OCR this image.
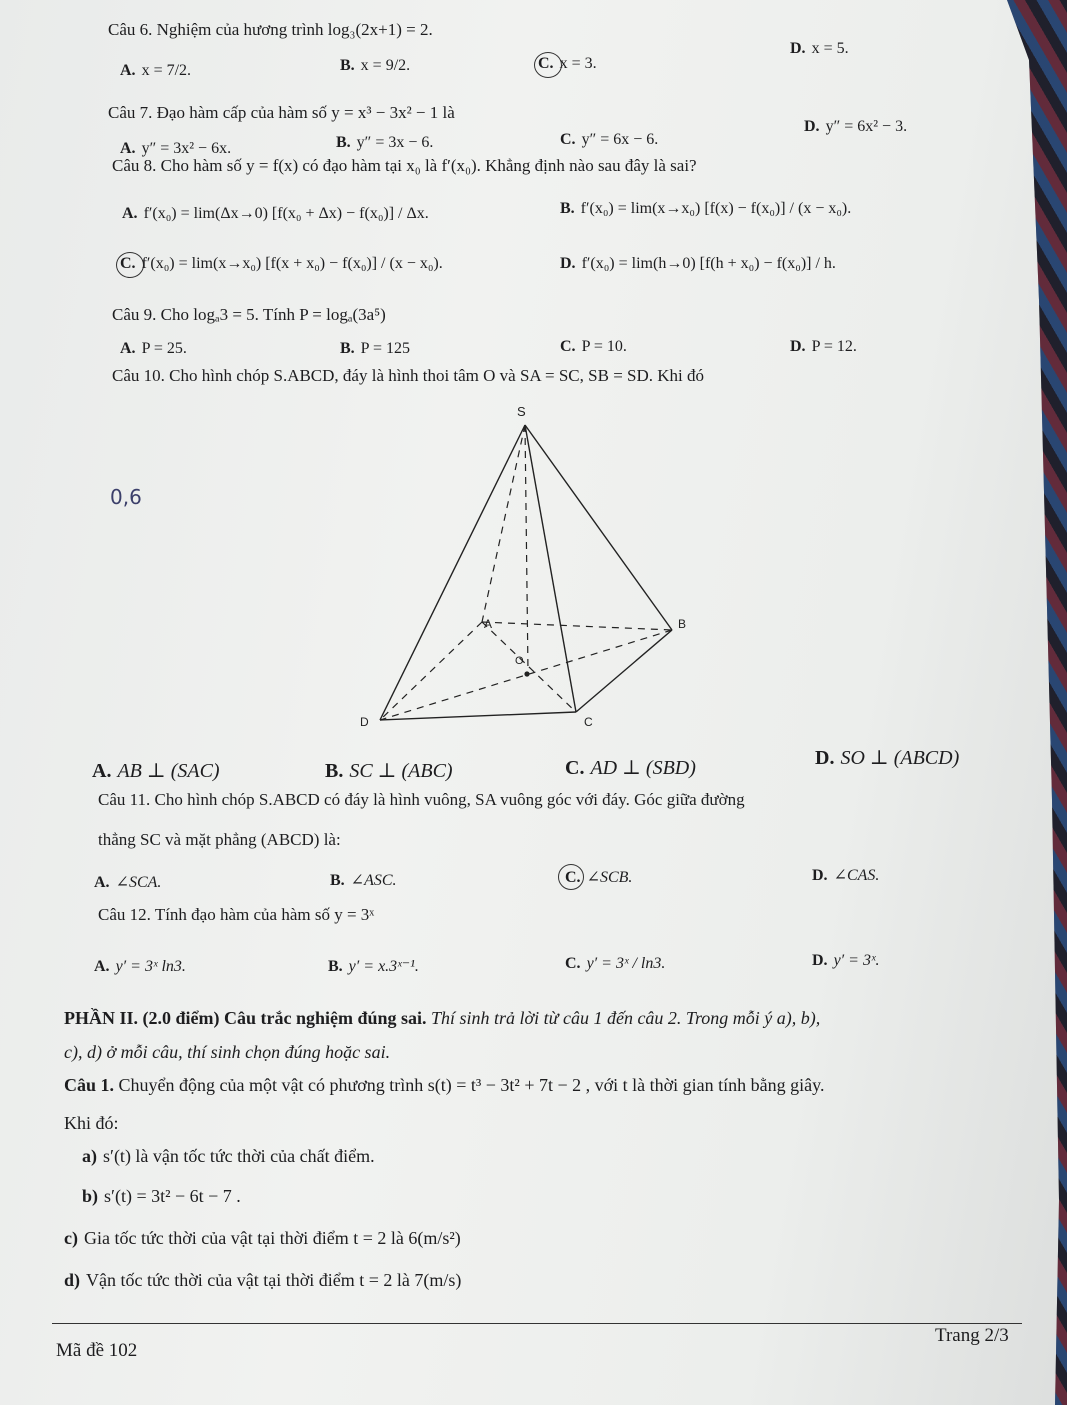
Câu 6. Nghiệm của hương trình log₃(2x+1) = 2.
A. x = 7/2.	B. x = 9/2.	C. x = 3.
D. x = 5.
Câu 7. Đạo hàm cấp của hàm số y = x³ − 3x² − 1 là
A. y″ = 3x² − 6x.	B. y″ = 3x − 6.	C. y″ = 6x − 6.
D. y″ = 6x² − 3.
Câu 8. Cho hàm số y = f(x) có đạo hàm tại x₀ là f′(x₀). Khẳng định nào sau đây là sai?
A. f′(x₀) = lim(Δx→0) [f(x₀ + Δx) − f(x₀)] / Δx.	B. f′(x₀) = lim(x→x₀) [f(x) − f(x₀)] / (x − x₀).
C. f′(x₀) = lim(x→x₀) [f(x + x₀) − f(x₀)] / (x − x₀).	D. f′(x₀) = lim(h→0) [f(h + x₀) − f(x₀)] / h.
Câu 9. Cho logₐ3 = 5. Tính P = logₐ(3a⁵)
A. P = 25.	B. P = 125	C. P = 10.	D. P = 12.
Câu 10. Cho hình chóp S.ABCD, đáy là hình thoi tâm O và SA = SC, SB = SD. Khi đó
0,6
S
A	B
C
D
O
A. AB ⊥ (SAC)	B. SC ⊥ (ABC)	C. AD ⊥ (SBD)	D. SO ⊥ (ABCD)
Câu 11. Cho hình chóp S.ABCD có đáy là hình vuông, SA vuông góc với đáy. Góc giữa đường
thẳng SC và mặt phẳng (ABCD) là:
A. ∠SCA.	B. ∠ASC.	C. ∠SCB.	D. ∠CAS.
Câu 12. Tính đạo hàm của hàm số y = 3ˣ
A. y′ = 3ˣ ln3.	B. y′ = x.3ˣ⁻¹.	C. y′ = 3ˣ / ln3.	D. y′ = 3ˣ.
PHẦN II. (2.0 điểm) Câu trắc nghiệm đúng sai. Thí sinh trả lời từ câu 1 đến câu 2. Trong mỗi ý a), b),
c), d) ở mỗi câu, thí sinh chọn đúng hoặc sai.
Câu 1. Chuyển động của một vật có phương trình s(t) = t³ − 3t² + 7t − 2 , với t là thời gian tính bằng giây.
Khi đó:
a) s′(t) là vận tốc tức thời của chất điểm.
b) s′(t) = 3t² − 6t − 7 .
c) Gia tốc tức thời của vật tại thời điểm t = 2 là 6(m/s²)
d) Vận tốc tức thời của vật tại thời điểm t = 2 là 7(m/s)
Mã đề 102
Trang 2/3
